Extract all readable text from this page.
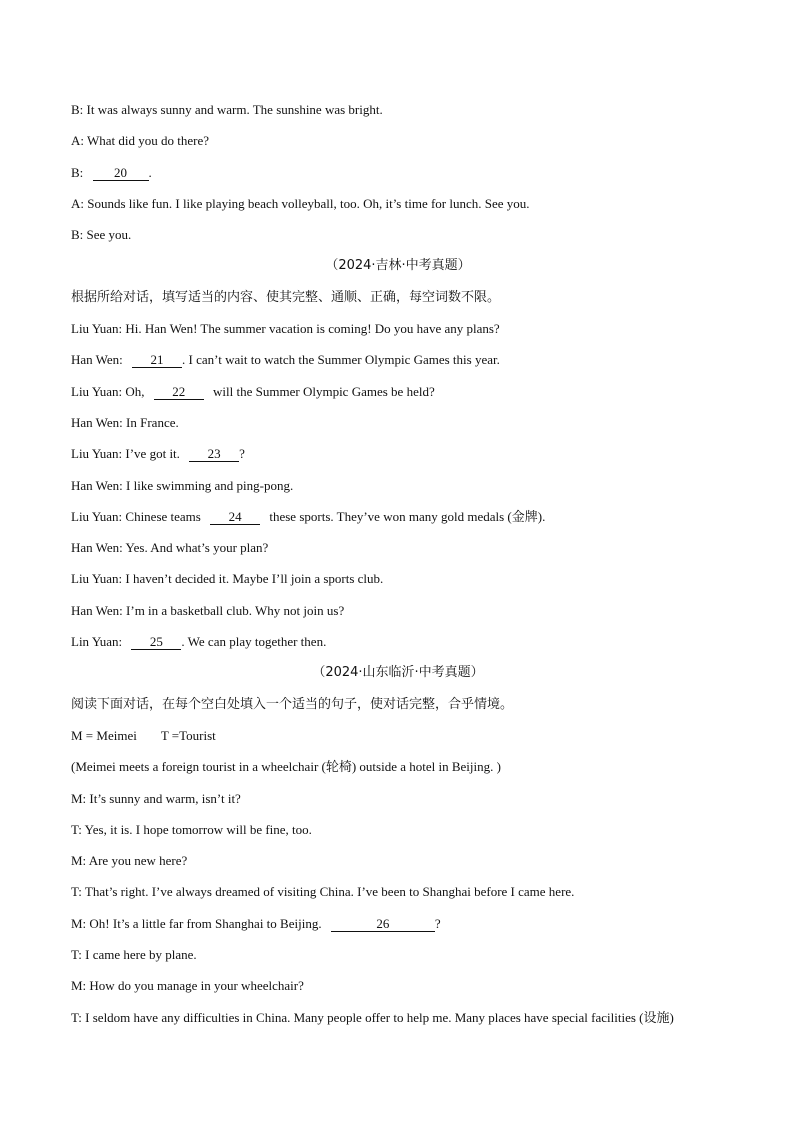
B: It was always sunny and warm. The sunshine was bright.
A: What did you do there?
B: 20 .
A: Sounds like fun. I like playing beach volleyball, too. Oh, it’s time for lunch. See you.
B: See you.
（2024·吉林·中考真题）
根据所给对话，填写适当的内容、使其完整、通顺、正确，每空词数不限。
Liu Yuan: Hi. Han Wen! The summer vacation is coming! Do you have any plans?
Han Wen: 21 . I can’t wait to watch the Summer Olympic Games this year.
Liu Yuan: Oh, 22 will the Summer Olympic Games be held?
Han Wen: In France.
Liu Yuan: I’ve got it. 23 ?
Han Wen: I like swimming and ping-pong.
Liu Yuan: Chinese teams 24 these sports. They’ve won many gold medals (金牌).
Han Wen: Yes. And what’s your plan?
Liu Yuan: I haven’t decided it. Maybe I’ll join a sports club.
Han Wen: I’m in a basketball club. Why not join us?
Lin Yuan: 25 . We can play together then.
（2024·山东临沂·中考真题）
阅读下面对话，在每个空白处填入一个适当的句子，使对话完整，合乎情境。
M = Meimei T =Tourist
(Meimei meets a foreign tourist in a wheelchair (轮椅) outside a hotel in Beijing. )
M: It’s sunny and warm, isn’t it?
T: Yes, it is. I hope tomorrow will be fine, too.
M: Are you new here?
T: That’s right. I’ve always dreamed of visiting China. I’ve been to Shanghai before I came here.
M: Oh! It’s a little far from Shanghai to Beijing.	26	?
T: I came here by plane.
M: How do you manage in your wheelchair?
T: I seldom have any difficulties in China. Many people offer to help me. Many places have special facilities (设施)
